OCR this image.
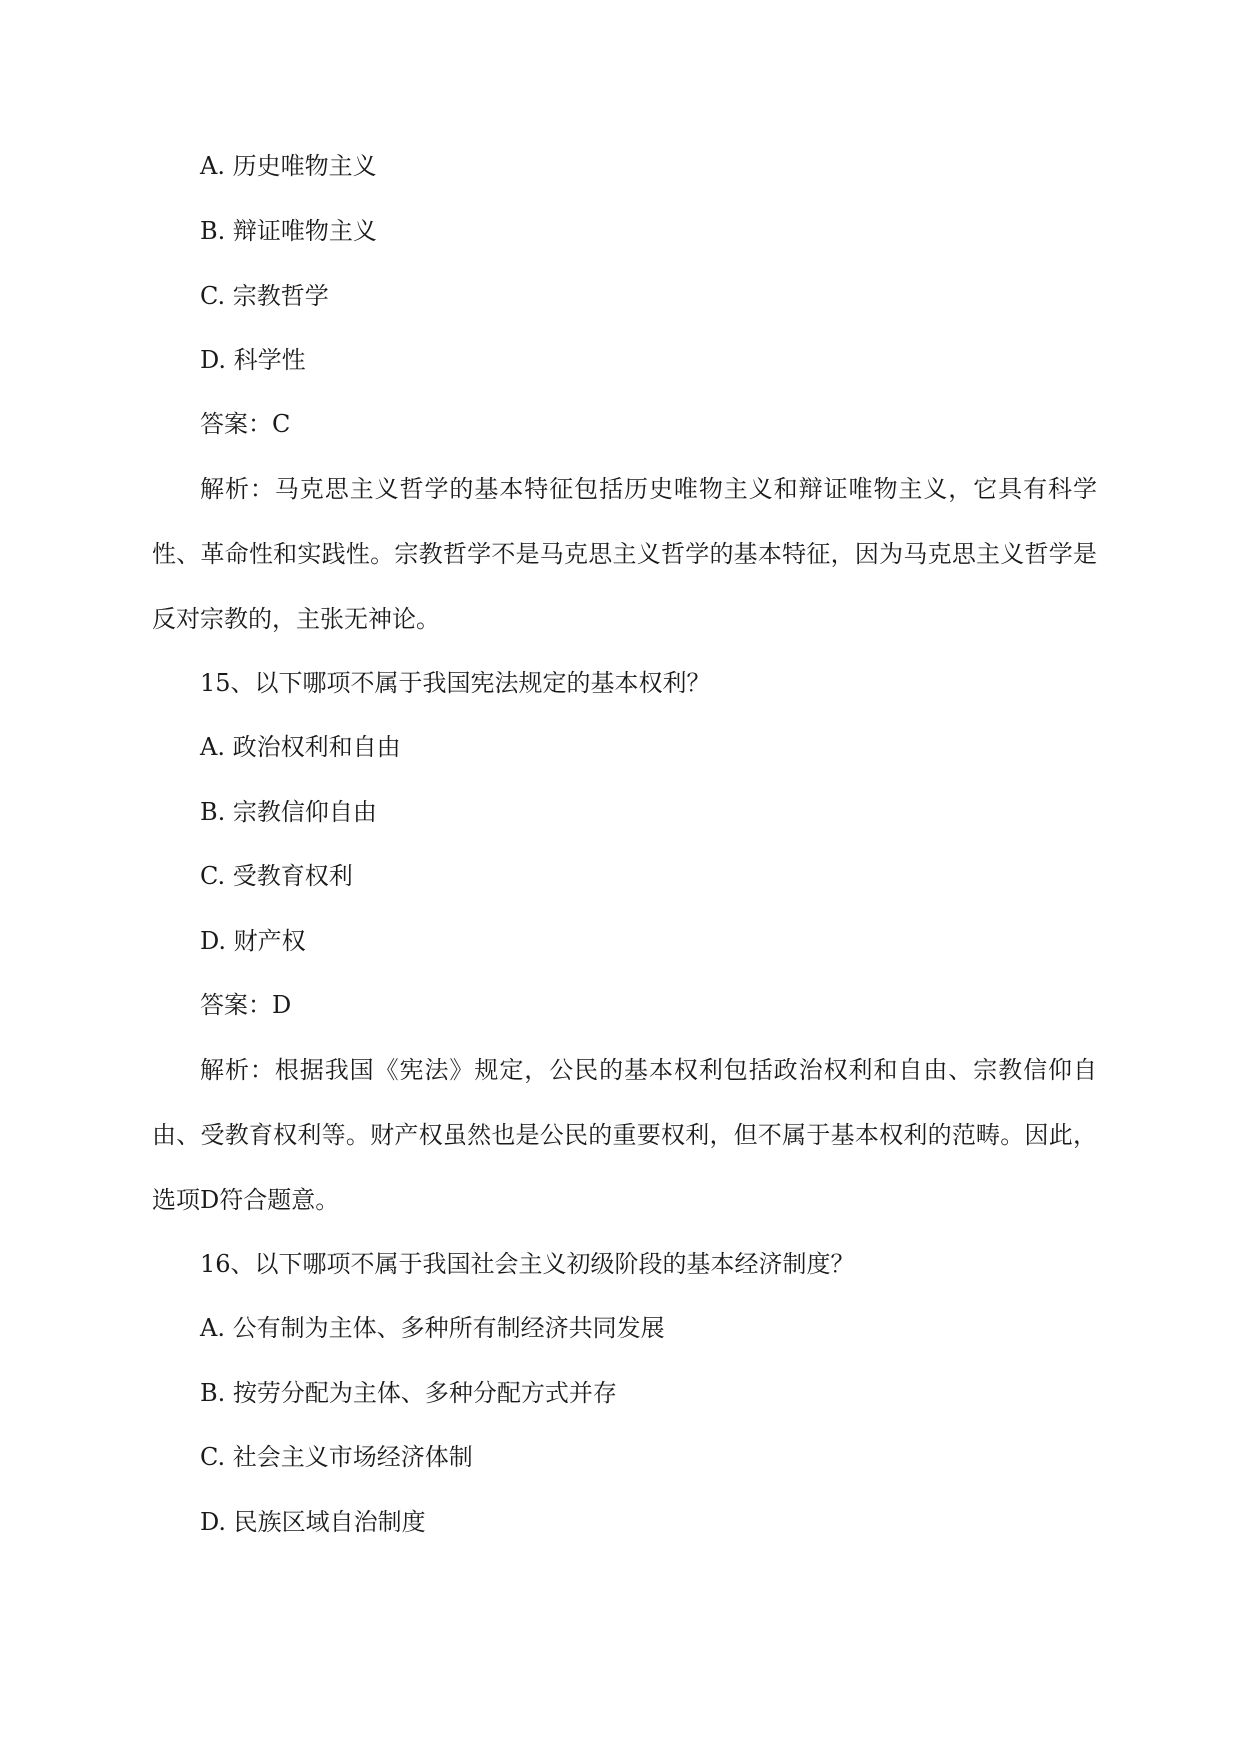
A. 历史唯物主义
B. 辩证唯物主义
C. 宗教哲学
D. 科学性
答案：C
解析：马克思主义哲学的基本特征包括历史唯物主义和辩证唯物主义，它具有科学性、革命性和实践性。宗教哲学不是马克思主义哲学的基本特征，因为马克思主义哲学是反对宗教的，主张无神论。
15、以下哪项不属于我国宪法规定的基本权利？
A. 政治权利和自由
B. 宗教信仰自由
C. 受教育权利
D. 财产权
答案：D
解析：根据我国《宪法》规定，公民的基本权利包括政治权利和自由、宗教信仰自由、受教育权利等。财产权虽然也是公民的重要权利，但不属于基本权利的范畴。因此，选项D符合题意。
16、以下哪项不属于我国社会主义初级阶段的基本经济制度？
A. 公有制为主体、多种所有制经济共同发展
B. 按劳分配为主体、多种分配方式并存
C. 社会主义市场经济体制
D. 民族区域自治制度
